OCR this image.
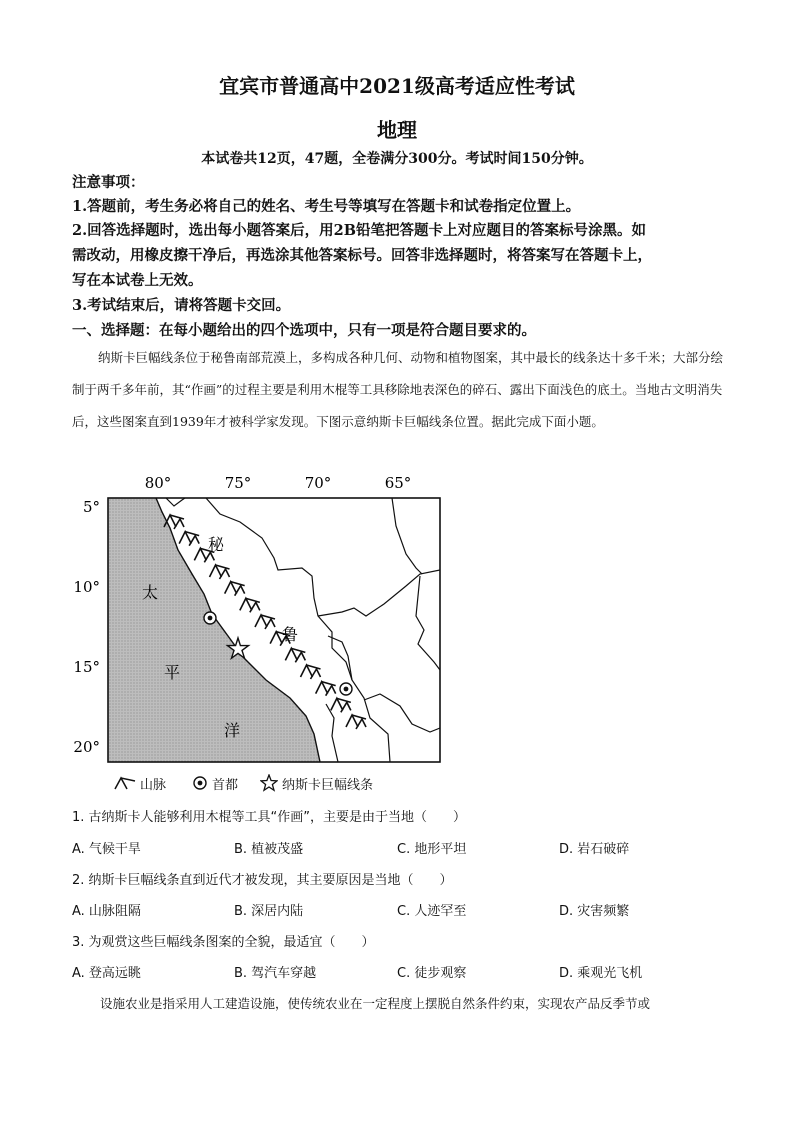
宜宾市普通高中2021级高考适应性考试
地理
本试卷共12页，47题，全卷满分300分。考试时间150分钟。
注意事项：
1.答题前，考生务必将自己的姓名、考生号等填写在答题卡和试卷指定位置上。
2.回答选择题时，选出每小题答案后，用2B铅笔把答题卡上对应题目的答案标号涂黑。如
需改动，用橡皮擦干净后，再选涂其他答案标号。回答非选择题时，将答案写在答题卡上，
写在本试卷上无效。
3.考试结束后，请将答题卡交回。
一、选择题：在每小题给出的四个选项中，只有一项是符合题目要求的。
纳斯卡巨幅线条位于秘鲁南部荒漠上，多构成各种几何、动物和植物图案，其中最长的线条达十多千米；大部分绘制于两千多年前，其“作画”的过程主要是利用木棍等工具移除地表深色的碎石、露出下面浅色的底土。当地古文明消失后，这些图案直到1939年才被科学家发现。下图示意纳斯卡巨幅线条位置。据此完成下面小题。
80°	75°	70°	65°
5°
10°
15°
20°
太
平
洋
秘
鲁
山脉	首都	纳斯卡巨幅线条
1. 古纳斯卡人能够利用木棍等工具“作画”，主要是由于当地（　　）
A. 气候干旱	B. 植被茂盛	C. 地形平坦	D. 岩石破碎
2. 纳斯卡巨幅线条直到近代才被发现，其主要原因是当地（　　）
A. 山脉阻隔	B. 深居内陆	C. 人迹罕至	D. 灾害频繁
3. 为观赏这些巨幅线条图案的全貌，最适宜（　　）
A. 登高远眺	B. 驾汽车穿越	C. 徒步观察	D. 乘观光飞机
设施农业是指采用人工建造设施，使传统农业在一定程度上摆脱自然条件约束，实现农产品反季节或
